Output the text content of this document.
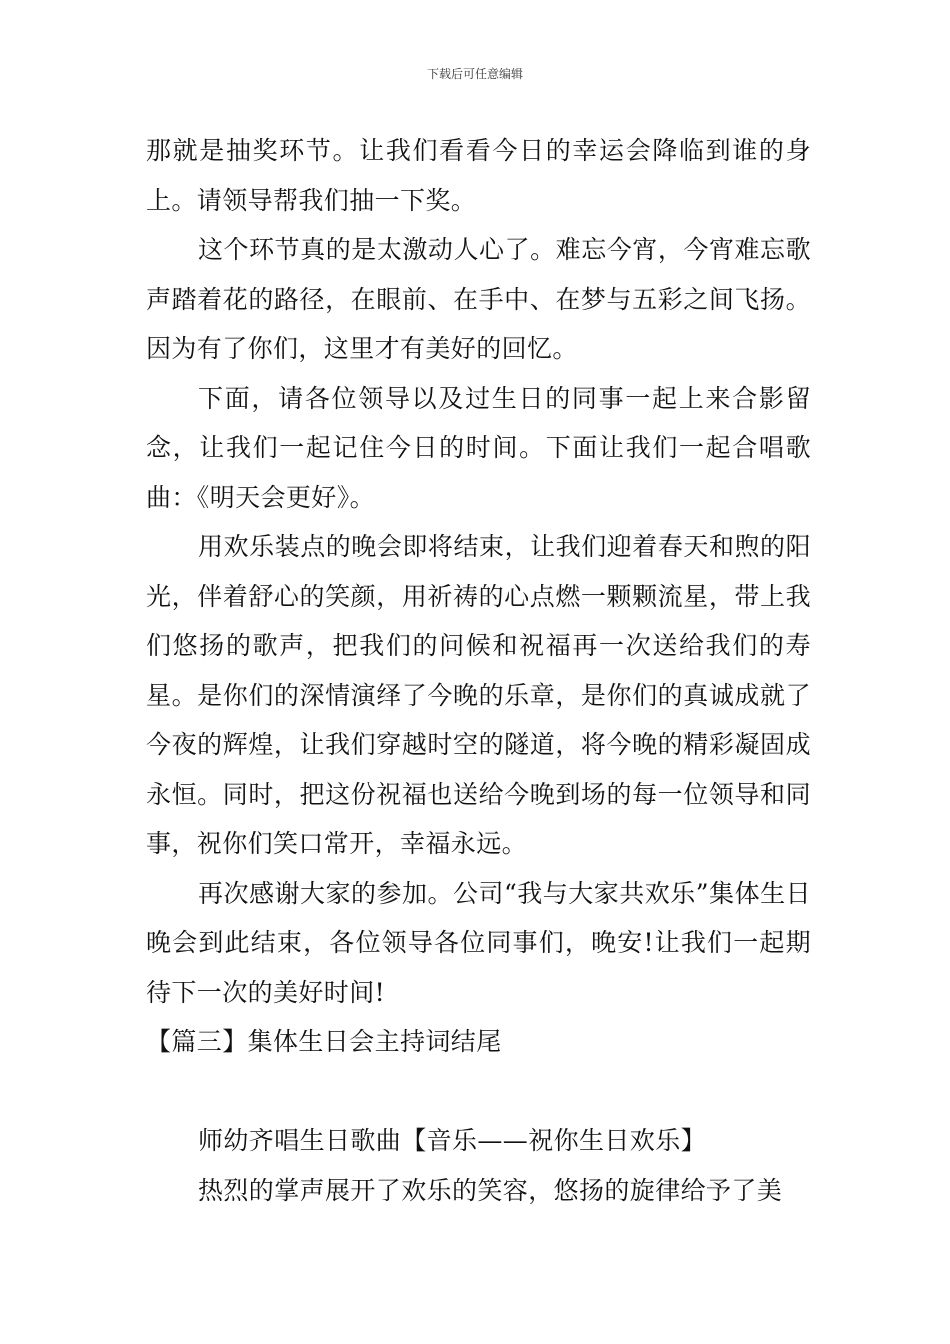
下载后可任意编辑

那就是抽奖环节。让我们看看今日的幸运会降临到谁的身上。请领导帮我们抽一下奖。

这个环节真的是太激动人心了。难忘今宵，今宵难忘歌声踏着花的路径，在眼前、在手中、在梦与五彩之间飞扬。因为有了你们，这里才有美好的回忆。

下面，请各位领导以及过生日的同事一起上来合影留念，让我们一起记住今日的时间。下面让我们一起合唱歌曲：《明天会更好》。

用欢乐装点的晚会即将结束，让我们迎着春天和煦的阳光，伴着舒心的笑颜，用祈祷的心点燃一颗颗流星，带上我们悠扬的歌声，把我们的问候和祝福再一次送给我们的寿星。是你们的深情演绎了今晚的乐章，是你们的真诚成就了今夜的辉煌，让我们穿越时空的隧道，将今晚的精彩凝固成永恒。同时，把这份祝福也送给今晚到场的每一位领导和同事，祝你们笑口常开，幸福永远。

再次感谢大家的参加。公司“我与大家共欢乐”集体生日晚会到此结束，各位领导各位同事们，晚安!让我们一起期待下一次的美好时间!

【篇三】集体生日会主持词结尾

师幼齐唱生日歌曲【音乐——祝你生日欢乐】

热烈的掌声展开了欢乐的笑容，悠扬的旋律给予了美
